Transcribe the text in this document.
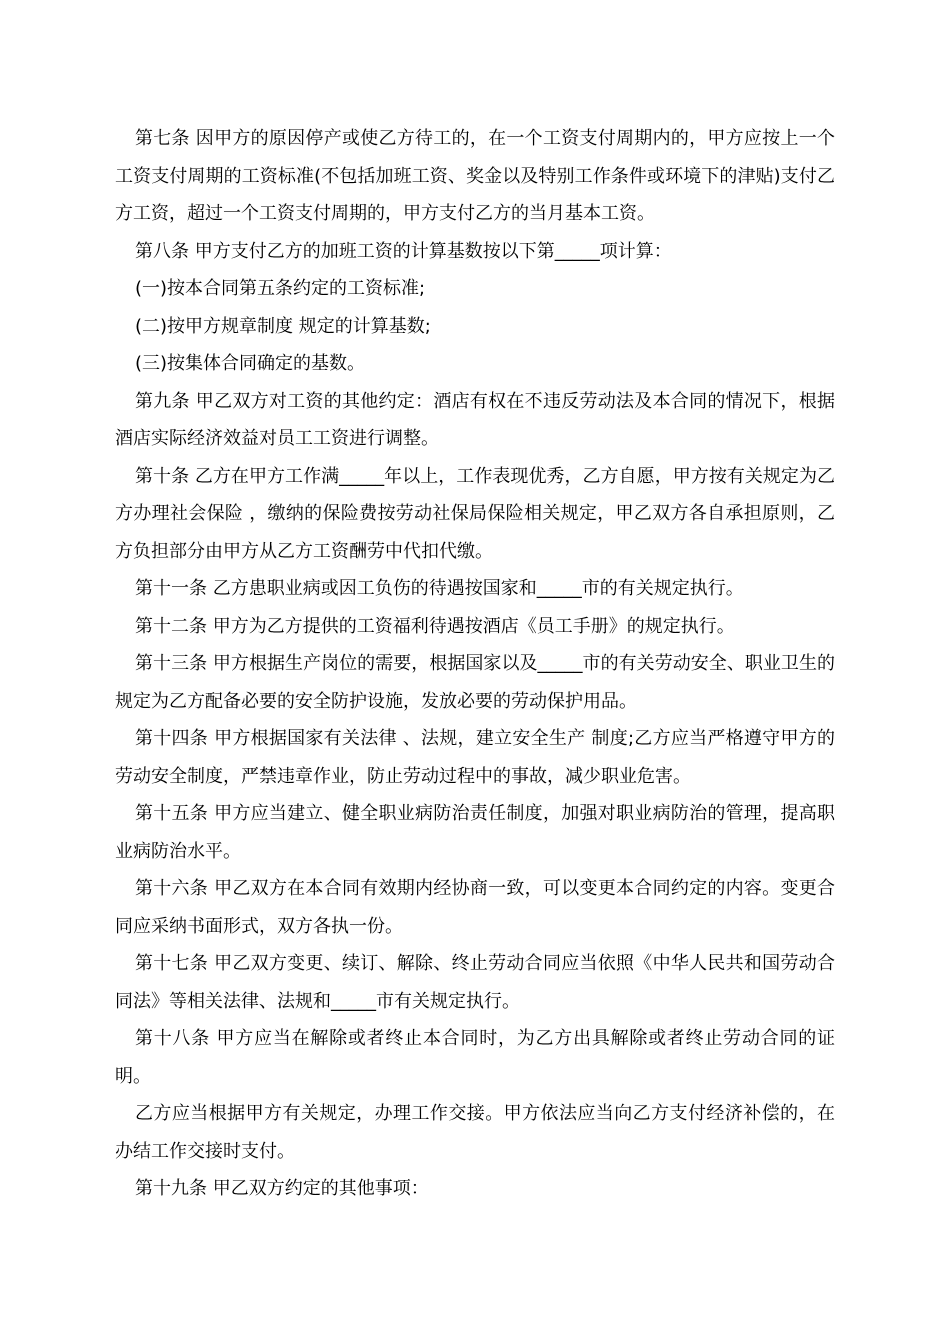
第七条 因甲方的原因停产或使乙方待工的，在一个工资支付周期内的，甲方应按上一个工资支付周期的工资标准(不包括加班工资、奖金以及特别工作条件或环境下的津贴)支付乙方工资，超过一个工资支付周期的，甲方支付乙方的当月基本工资。

第八条 甲方支付乙方的加班工资的计算基数按以下第_____项计算：

(一)按本合同第五条约定的工资标准;

(二)按甲方规章制度 规定的计算基数;

(三)按集体合同确定的基数。

第九条 甲乙双方对工资的其他约定：酒店有权在不违反劳动法及本合同的情况下，根据酒店实际经济效益对员工工资进行调整。

第十条 乙方在甲方工作满_____年以上，工作表现优秀，乙方自愿，甲方按有关规定为乙方办理社会保险 ，缴纳的保险费按劳动社保局保险相关规定，甲乙双方各自承担原则，乙方负担部分由甲方从乙方工资酬劳中代扣代缴。

第十一条 乙方患职业病或因工负伤的待遇按国家和_____市的有关规定执行。

第十二条 甲方为乙方提供的工资福利待遇按酒店《员工手册》的规定执行。

第十三条 甲方根据生产岗位的需要，根据国家以及_____市的有关劳动安全、职业卫生的规定为乙方配备必要的安全防护设施，发放必要的劳动保护用品。

第十四条 甲方根据国家有关法律 、法规，建立安全生产 制度;乙方应当严格遵守甲方的劳动安全制度，严禁违章作业，防止劳动过程中的事故，减少职业危害。

第十五条 甲方应当建立、健全职业病防治责任制度，加强对职业病防治的管理，提高职业病防治水平。

第十六条 甲乙双方在本合同有效期内经协商一致，可以变更本合同约定的内容。变更合同应采纳书面形式，双方各执一份。

第十七条 甲乙双方变更、续订、解除、终止劳动合同应当依照《中华人民共和国劳动合同法》等相关法律、法规和_____市有关规定执行。

第十八条 甲方应当在解除或者终止本合同时，为乙方出具解除或者终止劳动合同的证明。

乙方应当根据甲方有关规定，办理工作交接。甲方依法应当向乙方支付经济补偿的，在办结工作交接时支付。

第十九条 甲乙双方约定的其他事项：
